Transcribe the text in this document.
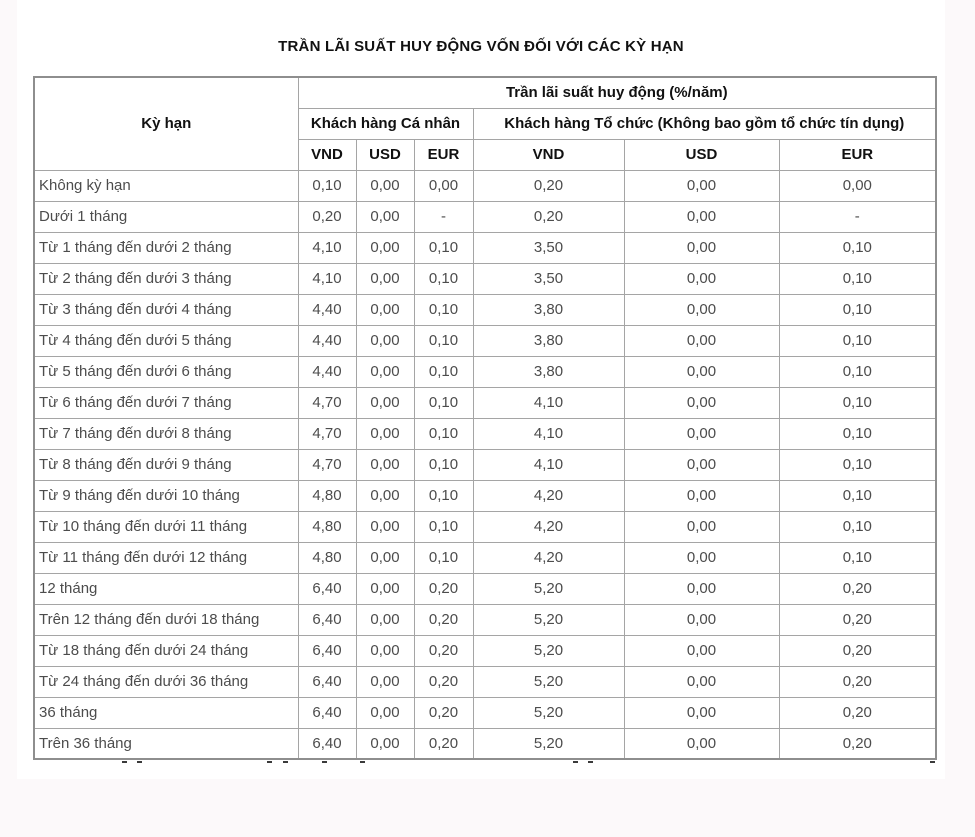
TRẦN LÃI SUẤT HUY ĐỘNG VỐN ĐỐI VỚI CÁC KỲ HẠN
Kỳ hạn	Trần lãi suất huy động (%/năm)					
	Khách hàng Cá nhân			Khách hàng Tổ chức (Không bao gồm tổ chức tín dụng)		
	VND	USD	EUR	VND	USD	EUR
Không kỳ hạn	0,10	0,00	0,00	0,20	0,00	0,00
Dưới 1 tháng	0,20	0,00	-	0,20	0,00	-
Từ 1 tháng đến dưới 2 tháng	4,10	0,00	0,10	3,50	0,00	0,10
Từ 2 tháng đến dưới 3 tháng	4,10	0,00	0,10	3,50	0,00	0,10
Từ 3 tháng đến dưới 4 tháng	4,40	0,00	0,10	3,80	0,00	0,10
Từ 4 tháng đến dưới 5 tháng	4,40	0,00	0,10	3,80	0,00	0,10
Từ 5 tháng đến dưới 6 tháng	4,40	0,00	0,10	3,80	0,00	0,10
Từ 6 tháng đến dưới 7 tháng	4,70	0,00	0,10	4,10	0,00	0,10
Từ 7 tháng đến dưới 8 tháng	4,70	0,00	0,10	4,10	0,00	0,10
Từ 8 tháng đến dưới 9 tháng	4,70	0,00	0,10	4,10	0,00	0,10
Từ 9 tháng đến dưới 10 tháng	4,80	0,00	0,10	4,20	0,00	0,10
Từ 10 tháng đến dưới 11 tháng	4,80	0,00	0,10	4,20	0,00	0,10
Từ 11 tháng đến dưới 12 tháng	4,80	0,00	0,10	4,20	0,00	0,10
12 tháng	6,40	0,00	0,20	5,20	0,00	0,20
Trên 12 tháng đến dưới 18 tháng	6,40	0,00	0,20	5,20	0,00	0,20
Từ 18 tháng đến dưới 24 tháng	6,40	0,00	0,20	5,20	0,00	0,20
Từ 24 tháng đến dưới 36 tháng	6,40	0,00	0,20	5,20	0,00	0,20
36 tháng	6,40	0,00	0,20	5,20	0,00	0,20
Trên 36 tháng	6,40	0,00	0,20	5,20	0,00	0,20
